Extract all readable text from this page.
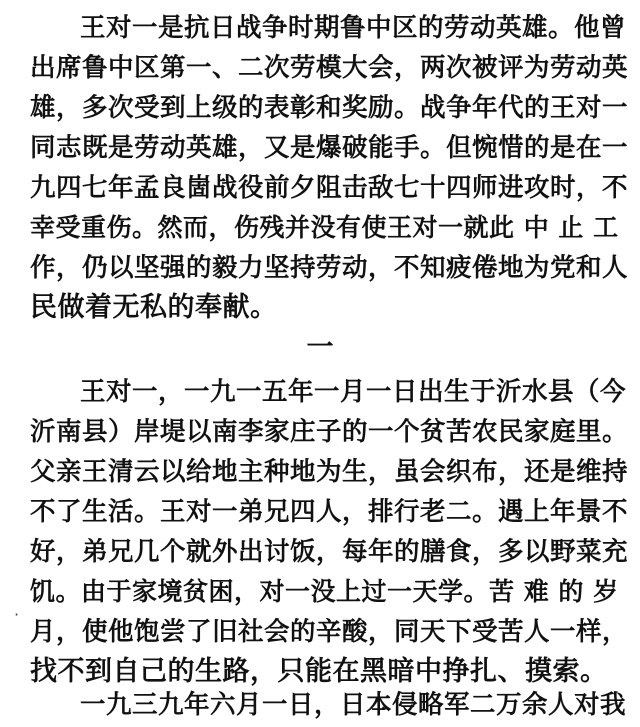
王对一是抗日战争时期鲁中区的劳动英雄。他曾
出席鲁中区第一、二次劳模大会，两次被评为劳动英
雄，多次受到上级的表彰和奖励。战争年代的王对一
同志既是劳动英雄，又是爆破能手。但惋惜的是在一
九四七年孟良崮战役前夕阻击敌七十四师进攻时，不
幸受重伤。然而，伤残并没有使王对一就此 中 止 工
作，仍以坚强的毅力坚持劳动，不知疲倦地为党和人
民做着无私的奉献。
一
王对一，一九一五年一月一日出生于沂水县（今
沂南县）岸堤以南李家庄子的一个贫苦农民家庭里。
父亲王清云以给地主种地为生，虽会织布，还是维持
不了生活。王对一弟兄四人，排行老二。遇上年景不
好，弟兄几个就外出讨饭，每年的膳食，多以野菜充
饥。由于家境贫困，对一没上过一天学。苦 难 的 岁
月，使他饱尝了旧社会的辛酸，同天下受苦人一样，
找不到自己的生路，只能在黑暗中挣扎、摸索。
·
一九三九年六月一日，日本侵略军二万余人对我
